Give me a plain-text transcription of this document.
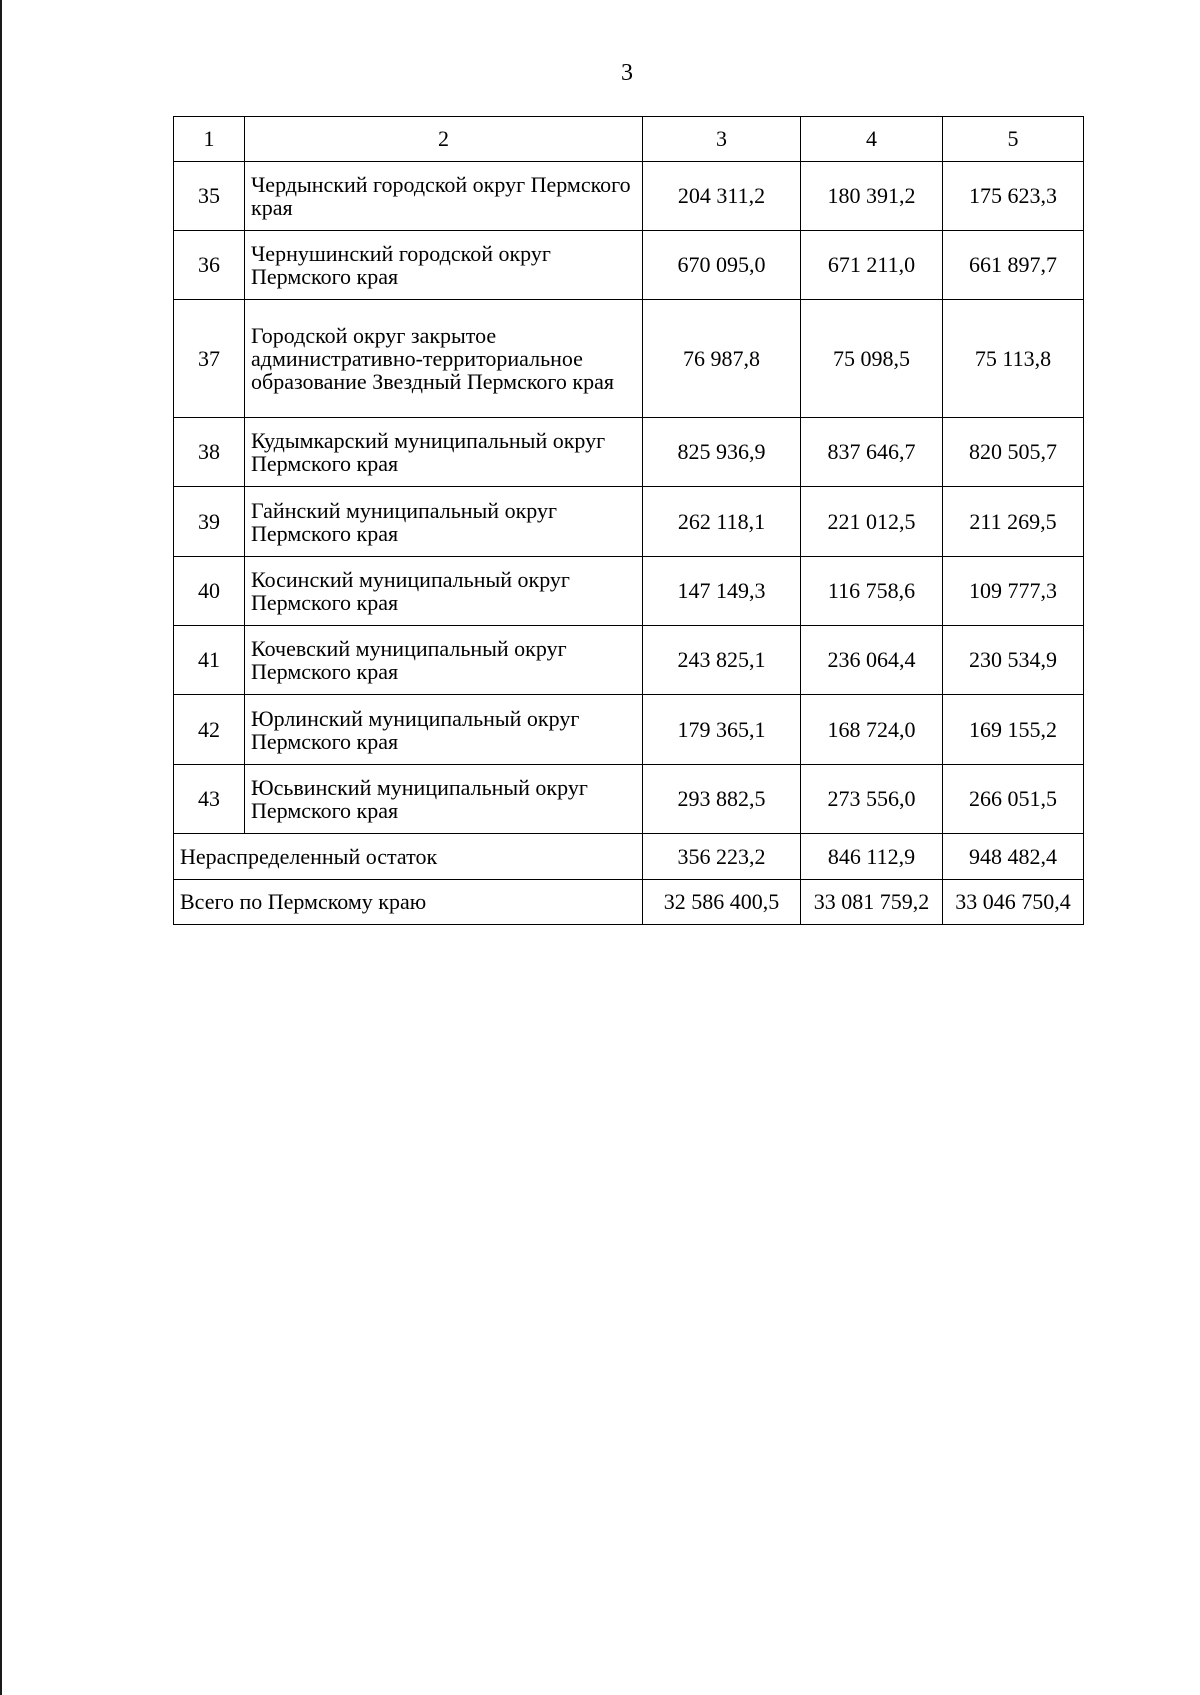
3
1	2	3	4	5
35	Чердынский городской округ Пермского края	204 311,2	180 391,2	175 623,3
36	Чернушинский городской округ Пермского края	670 095,0	671 211,0	661 897,7
37	Городской округ закрытое административно-территориальное образование Звездный Пермского края	76 987,8	75 098,5	75 113,8
38	Кудымкарский муниципальный округ Пермского края	825 936,9	837 646,7	820 505,7
39	Гайнский муниципальный округ Пермского края	262 118,1	221 012,5	211 269,5
40	Косинский муниципальный округ Пермского края	147 149,3	116 758,6	109 777,3
41	Кочевский муниципальный округ Пермского края	243 825,1	236 064,4	230 534,9
42	Юрлинский муниципальный округ Пермского края	179 365,1	168 724,0	169 155,2
43	Юсьвинский муниципальный округ Пермского края	293 882,5	273 556,0	266 051,5
Нераспределенный остаток		356 223,2	846 112,9	948 482,4
Всего по Пермскому краю		32 586 400,5	33 081 759,2	33 046 750,4
